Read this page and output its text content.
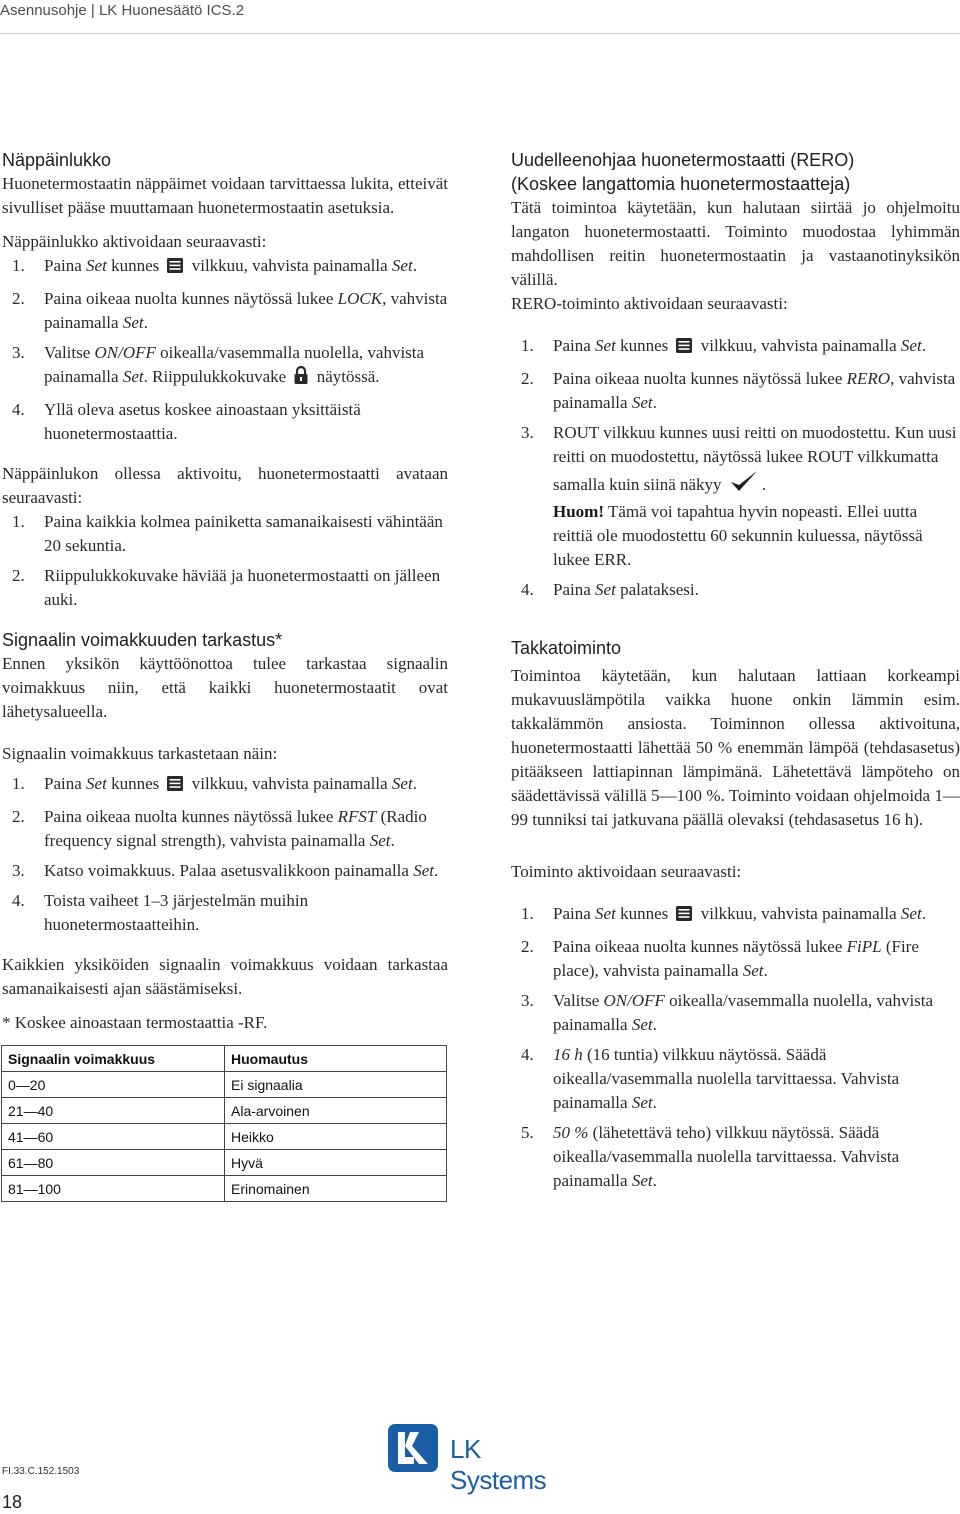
Asennusohje | LK Huonesäätö ICS.2

Näppäinlukko

Huonetermostaatin näppäimet voidaan tarvittaessa lukita, etteivät sivulliset pääse muuttamaan huonetermostaatin asetuksia.

Näppäinlukko aktivoidaan seuraavasti:

1. Paina Set kunnes  vilkkuu, vahvista painamalla Set.
2. Paina oikeaa nuolta kunnes näytössä lukee LOCK, vahvista painamalla Set.
3. Valitse ON/OFF oikealla/vasemmalla nuolella, vahvista painamalla Set. Riippulukkokuvake  näytössä.
4. Yllä oleva asetus koskee ainoastaan yksittäistä huonetermostaattia.

Näppäinlukon ollessa aktivoitu, huonetermostaatti avataan seuraavasti:

1. Paina kaikkia kolmea painiketta samanaikaisesti vähintään 20 sekuntia.
2. Riippulukkokuvake häviää ja huonetermostaatti on jälleen auki.

Signaalin voimakkuuden tarkastus*

Ennen yksikön käyttöönottoa tulee tarkastaa signaalin voimakkuus niin, että kaikki huonetermostaatit ovat lähetysalueella.

Signaalin voimakkuus tarkastetaan näin:

1. Paina Set kunnes  vilkkuu, vahvista painamalla Set.
2. Paina oikeaa nuolta kunnes näytössä lukee RFST (Radio frequency signal strength), vahvista painamalla Set.
3. Katso voimakkuus. Palaa asetusvalikkoon painamalla Set.
4. Toista vaiheet 1–3 järjestelmän muihin huonetermostaatteihin.

Kaikkien yksiköiden signaalin voimakkuus voidaan tarkastaa samanaikaisesti ajan säästämiseksi.

* Koskee ainoastaan termostaattia -RF.

Signaalin voimakkuus	Huomautus
0—20	Ei signaalia
21—40	Ala-arvoinen
41—60	Heikko
61—80	Hyvä
81—100	Erinomainen

Uudelleenohjaa huonetermostaatti (RERO)

(Koskee langattomia huonetermostaatteja)

Tätä toimintoa käytetään, kun halutaan siirtää jo ohjelmoitu langaton huonetermostaatti. Toiminto muodostaa lyhimmän mahdollisen reitin huonetermostaatin ja vastaanotinyksikön välillä.

RERO-toiminto aktivoidaan seuraavasti:

1. Paina Set kunnes  vilkkuu, vahvista painamalla Set.
2. Paina oikeaa nuolta kunnes näytössä lukee RERO, vahvista painamalla Set.
3. ROUT vilkkuu kunnes uusi reitti on muodostettu. Kun uusi reitti on muodostettu, näytössä lukee ROUT vilkkumatta samalla kuin siinä näkyy .
Huom! Tämä voi tapahtua hyvin nopeasti. Ellei uutta reittiä ole muodostettu 60 sekunnin kuluessa, näytössä lukee ERR.
4. Paina Set palataksesi.

Takkatoiminto

Toimintoa käytetään, kun halutaan lattiaan korkeampi mukavuuslämpötila vaikka huone onkin lämmin esim. takkalämmön ansiosta. Toiminnon ollessa aktivoituna, huonetermostaatti lähettää 50 % enemmän lämpöä (tehdasasetus) pitääkseen lattiapinnan lämpimänä. Lähetettävä lämpöteho on säädettävissä välillä 5—100 %. Toiminto voidaan ohjelmoida 1—99 tunniksi tai jatkuvana päällä olevaksi (tehdasasetus 16 h).

Toiminto aktivoidaan seuraavasti:

1. Paina Set kunnes  vilkkuu, vahvista painamalla Set.
2. Paina oikeaa nuolta kunnes näytössä lukee FiPL (Fire place), vahvista painamalla Set.
3. Valitse ON/OFF oikealla/vasemmalla nuolella, vahvista painamalla Set.
4. 16 h (16 tuntia) vilkkuu näytössä. Säädä oikealla/vasemmalla nuolella tarvittaessa. Vahvista painamalla Set.
5. 50 % (lähetettävä teho) vilkkuu näytössä. Säädä oikealla/vasemmalla nuolella tarvittaessa. Vahvista painamalla Set.
LK Systems
FI.33.C.152.1503
18
